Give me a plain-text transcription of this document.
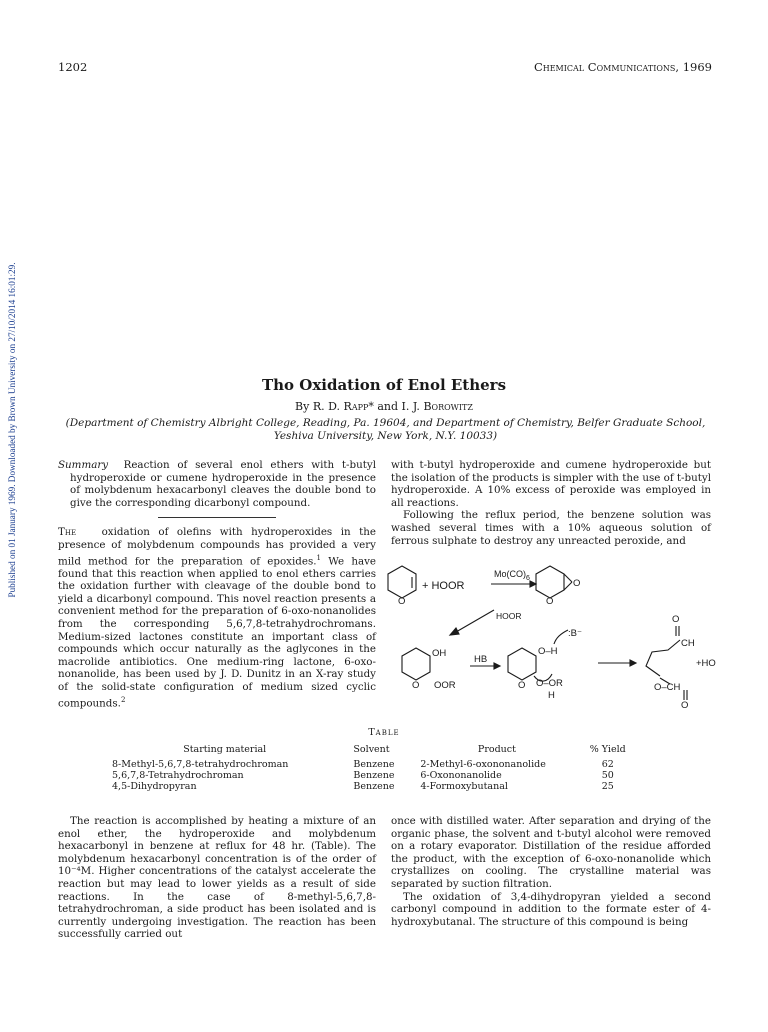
1202	Chemical Communications, 1969
Published on 01 January 1969. Downloaded by Brown University on 27/10/2014 16:01:29.	Tho Oxidation of Enol Ethers
By R. D. Rapp* and I. J. Borowitz
(Department of Chemistry Albright College, Reading, Pa. 19604, and Department of Chemistry, Belfer Graduate School, Yeshiva University, New York, N.Y. 10033)

Summary Reaction of several enol ethers with t-butyl hydroperoxide or cumene hydroperoxide in the presence of molybdenum hexacarbonyl cleaves the double bond to give the corresponding dicarbonyl compound.

The oxidation of olefins with hydroperoxides in the presence of molybdenum compounds has provided a very mild method for the preparation of epoxides.$^1$ We have found that this reaction when applied to enol ethers carries the oxidation further with cleavage of the double bond to yield a dicarbonyl compound. This novel reaction presents a convenient method for the preparation of 6-oxo-nonanolides from the corresponding 5,6,7,8-tetrahydrochromans. Medium-sized lactones constitute an important class of compounds which occur naturally as the aglycones in the macrolide antibiotics. One medium-ring lactone, 6-oxo-nonanolide, has been used by J. D. Dunitz in an X-ray study of the solid-state configuration of medium sized cyclic compounds.$^2$

with t-butyl hydroperoxide and cumene hydroperoxide but the isolation of the products is simpler with the use of t-butyl hydroperoxide. A 10% excess of peroxide was employed in all reactions.

Following the reflux period, the benzene solution was washed several times with a 10% aqueous solution of ferrous sulphate to destroy any unreacted peroxide, and

O
+ HOOR
$Mo(CO)_6$
O
O
HOOR
OH
O OOR
HB
:B⁻
O–H
O O–OR
H
O
CH
+HO
O–CH
O
Table
Starting material	Solvent	Product	% Yield
8-Methyl-5,6,7,8-tetrahydrochroman	Benzene	2-Methyl-6-oxononanolide	62
5,6,7,8-Tetrahydrochroman	Benzene	6-Oxononanolide	50
4,5-Dihydropyran	Benzene	4-Formoxybutanal	25

The reaction is accomplished by heating a mixture of an enol ether, the hydroperoxide and molybdenum hexacarbonyl in benzene at reflux for 48 hr. (Table). The molybdenum hexacarbonyl concentration is of the order of 10⁻⁴M. Higher concentrations of the catalyst accelerate the reaction but may lead to lower yields as a result of side reactions. In the case of 8-methyl-5,6,7,8-tetrahydrochroman, a side product has been isolated and is currently undergoing investigation. The reaction has been successfully carried out

once with distilled water. After separation and drying of the organic phase, the solvent and t-butyl alcohol were removed on a rotary evaporator. Distillation of the residue afforded the product, with the exception of 6-oxo-nonanolide which crystallizes on cooling. The crystalline material was separated by suction filtration.

The oxidation of 3,4-dihydropyran yielded a second carbonyl compound in addition to the formate ester of 4-hydroxybutanal. The structure of this compound is being
